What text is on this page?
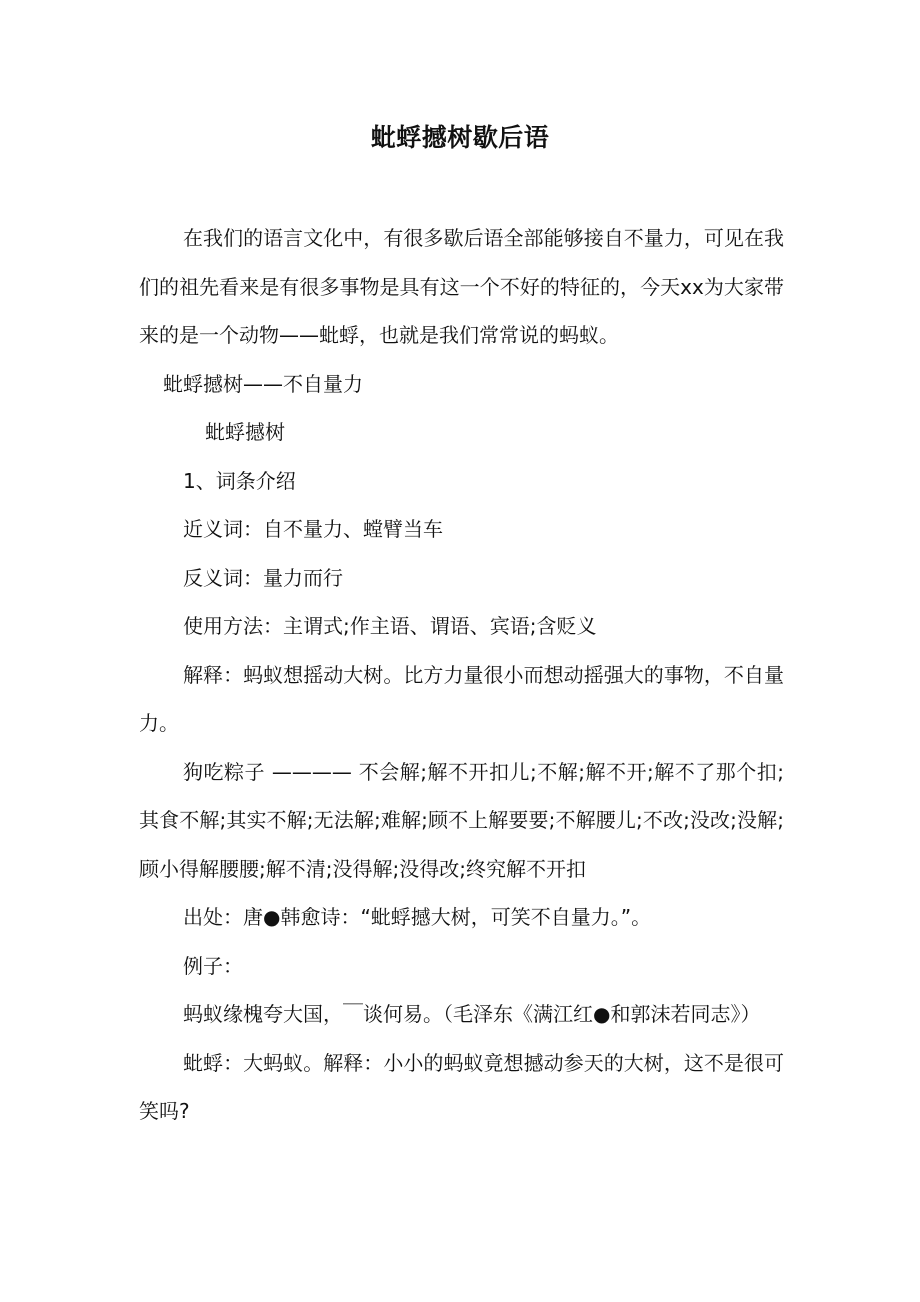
蚍蜉撼树歇后语

在我们的语言文化中，有很多歇后语全部能够接自不量力，可见在我们的祖先看来是有很多事物是具有这一个不好的特征的，今天xx为大家带来的是一个动物——蚍蜉，也就是我们常常说的蚂蚁。

蚍蜉撼树——不自量力

蚍蜉撼树

1、词条介绍

近义词：自不量力、螳臂当车

反义词：量力而行

使用方法：主谓式;作主语、谓语、宾语;含贬义

解释：蚂蚁想摇动大树。比方力量很小而想动摇强大的事物，不自量力。

狗吃粽子 ———— 不会解;解不开扣儿;不解;解不开;解不了那个扣;其食不解;其实不解;无法解;难解;顾不上解要要;不解腰儿;不改;没改;没解;顾小得解腰腰;解不清;没得解;没得改;终究解不开扣

出处：唐●韩愈诗：“蚍蜉撼大树，可笑不自量力。”。

例子：

蚂蚁缘槐夸大国，￣谈何易。（毛泽东《满江红●和郭沫若同志》）

蚍蜉：大蚂蚁。解释：小小的蚂蚁竟想撼动参天的大树，这不是很可笑吗?
